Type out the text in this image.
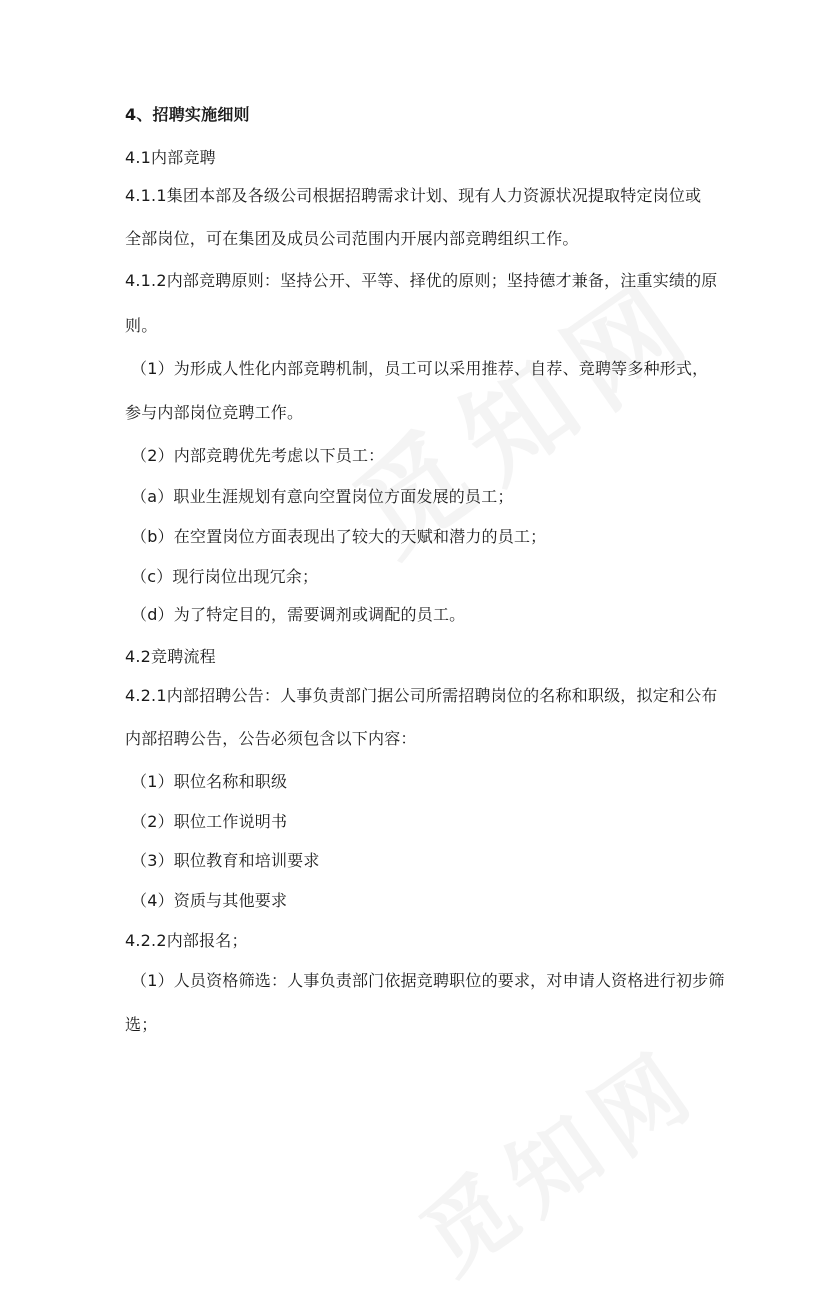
4、招聘实施细则
4.1内部竞聘
4.1.1集团本部及各级公司根据招聘需求计划、现有人力资源状况提取特定岗位或
全部岗位，可在集团及成员公司范围内开展内部竞聘组织工作。
4.1.2内部竞聘原则：坚持公开、平等、择优的原则；坚持德才兼备，注重实绩的原
则。
（1）为形成人性化内部竞聘机制，员工可以采用推荐、自荐、竞聘等多种形式，
参与内部岗位竞聘工作。
（2）内部竞聘优先考虑以下员工：
（a）职业生涯规划有意向空置岗位方面发展的员工；
（b）在空置岗位方面表现出了较大的天赋和潜力的员工；
（c）现行岗位出现冗余；
（d）为了特定目的，需要调剂或调配的员工。
4.2竞聘流程
4.2.1内部招聘公告：人事负责部门据公司所需招聘岗位的名称和职级，拟定和公布
内部招聘公告，公告必须包含以下内容：
（1）职位名称和职级
（2）职位工作说明书
（3）职位教育和培训要求
（4）资质与其他要求
4.2.2内部报名；
（1）人员资格筛选：人事负责部门依据竞聘职位的要求，对申请人资格进行初步筛
选；
